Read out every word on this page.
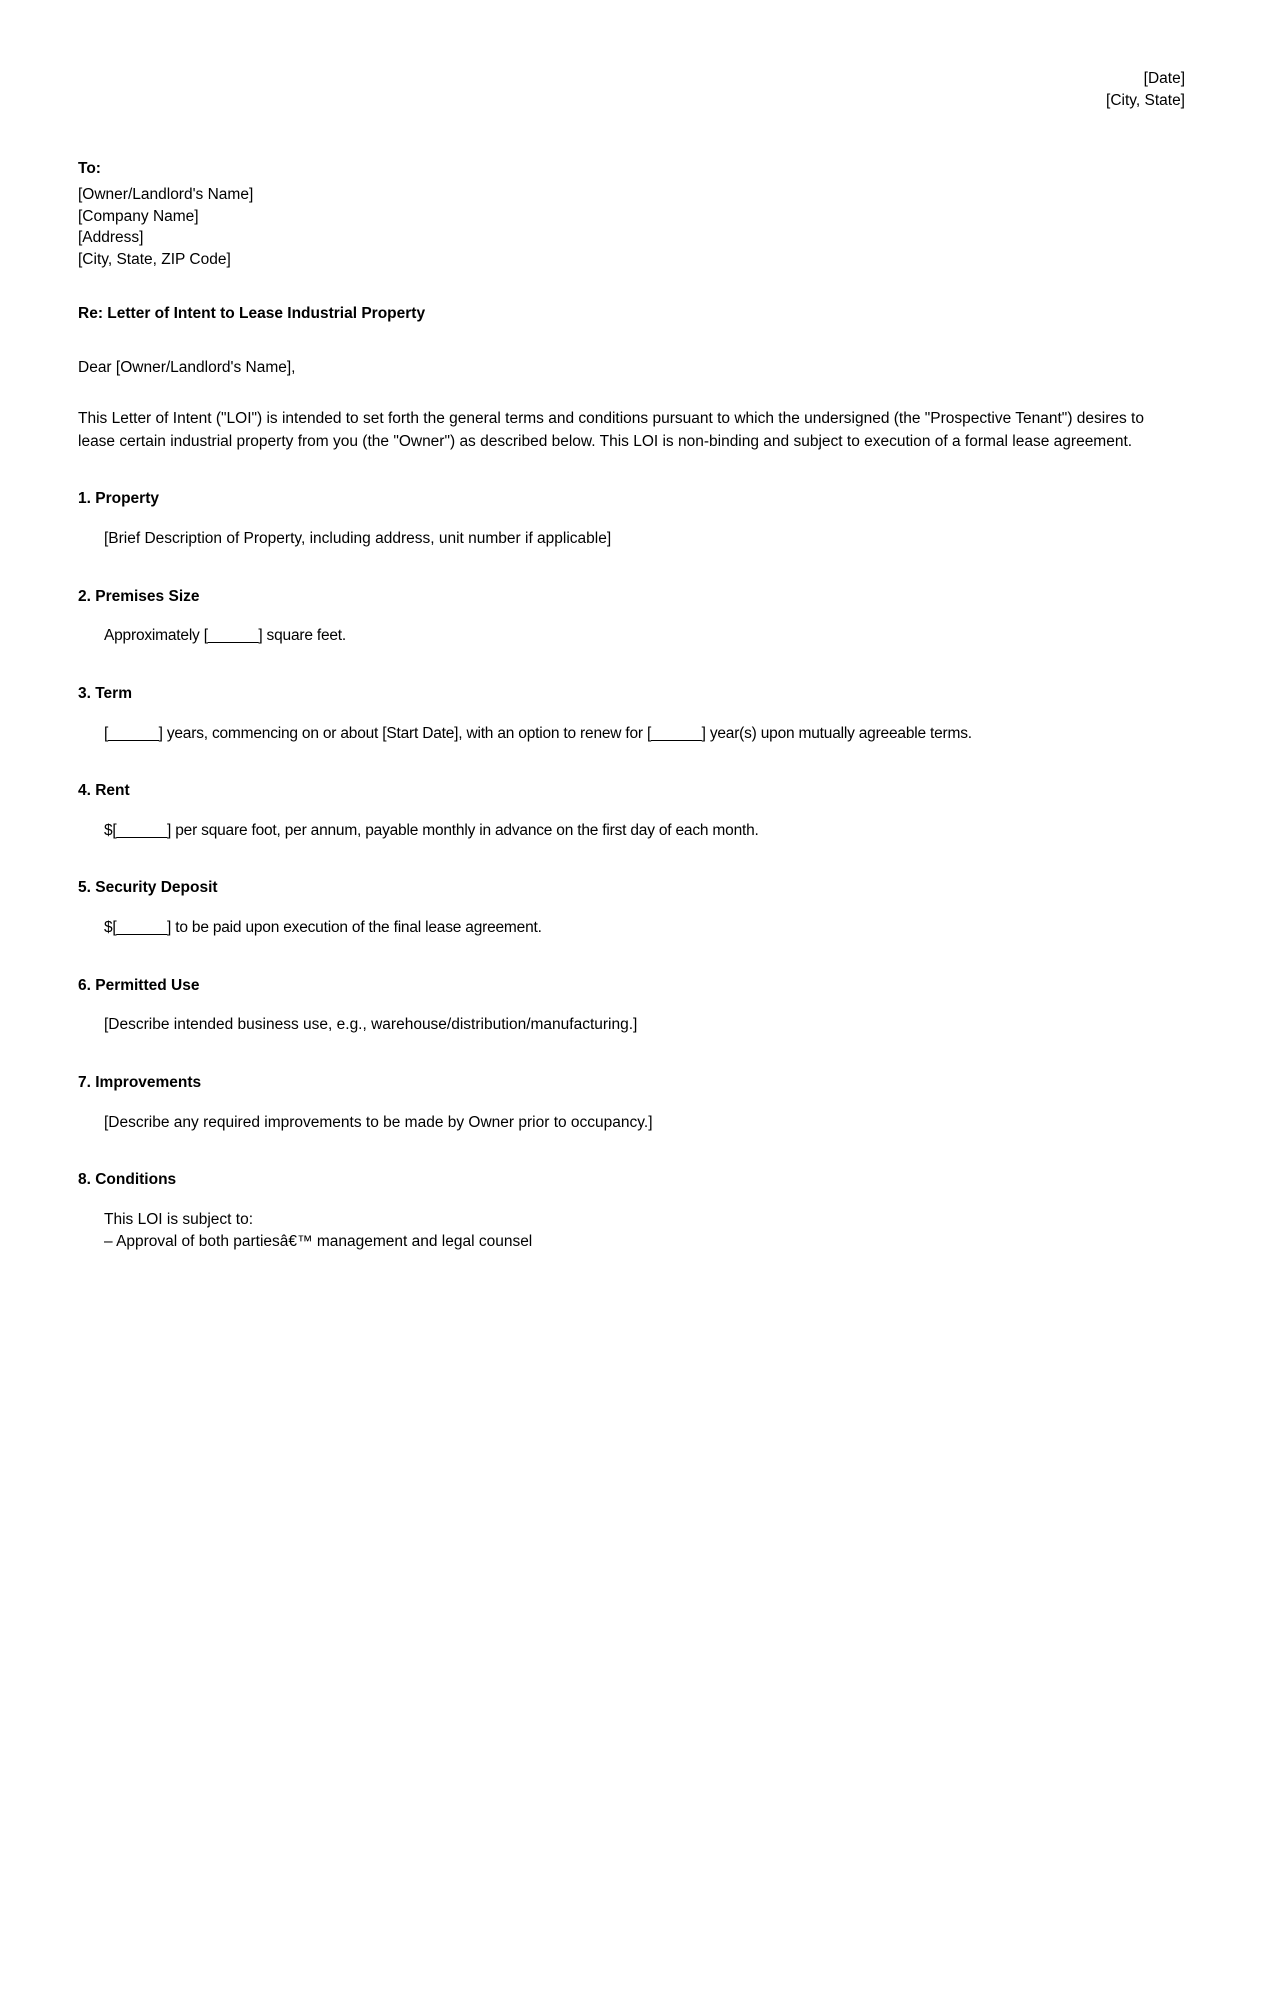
[Date]
[City, State]
To:
[Owner/Landlord's Name]
[Company Name]
[Address]
[City, State, ZIP Code]
Re: Letter of Intent to Lease Industrial Property
Dear [Owner/Landlord's Name],
This Letter of Intent ("LOI") is intended to set forth the general terms and conditions pursuant to which the undersigned (the "Prospective Tenant") desires to lease certain industrial property from you (the "Owner") as described below. This LOI is non-binding and subject to execution of a formal lease agreement.
1. Property
[Brief Description of Property, including address, unit number if applicable]
2. Premises Size
Approximately [______] square feet.
3. Term
[______] years, commencing on or about [Start Date], with an option to renew for [______] year(s) upon mutually agreeable terms.
4. Rent
$[______] per square foot, per annum, payable monthly in advance on the first day of each month.
5. Security Deposit
$[______] to be paid upon execution of the final lease agreement.
6. Permitted Use
[Describe intended business use, e.g., warehouse/distribution/manufacturing.]
7. Improvements
[Describe any required improvements to be made by Owner prior to occupancy.]
8. Conditions
This LOI is subject to:
– Approval of both partiesâ€™ management and legal counsel
